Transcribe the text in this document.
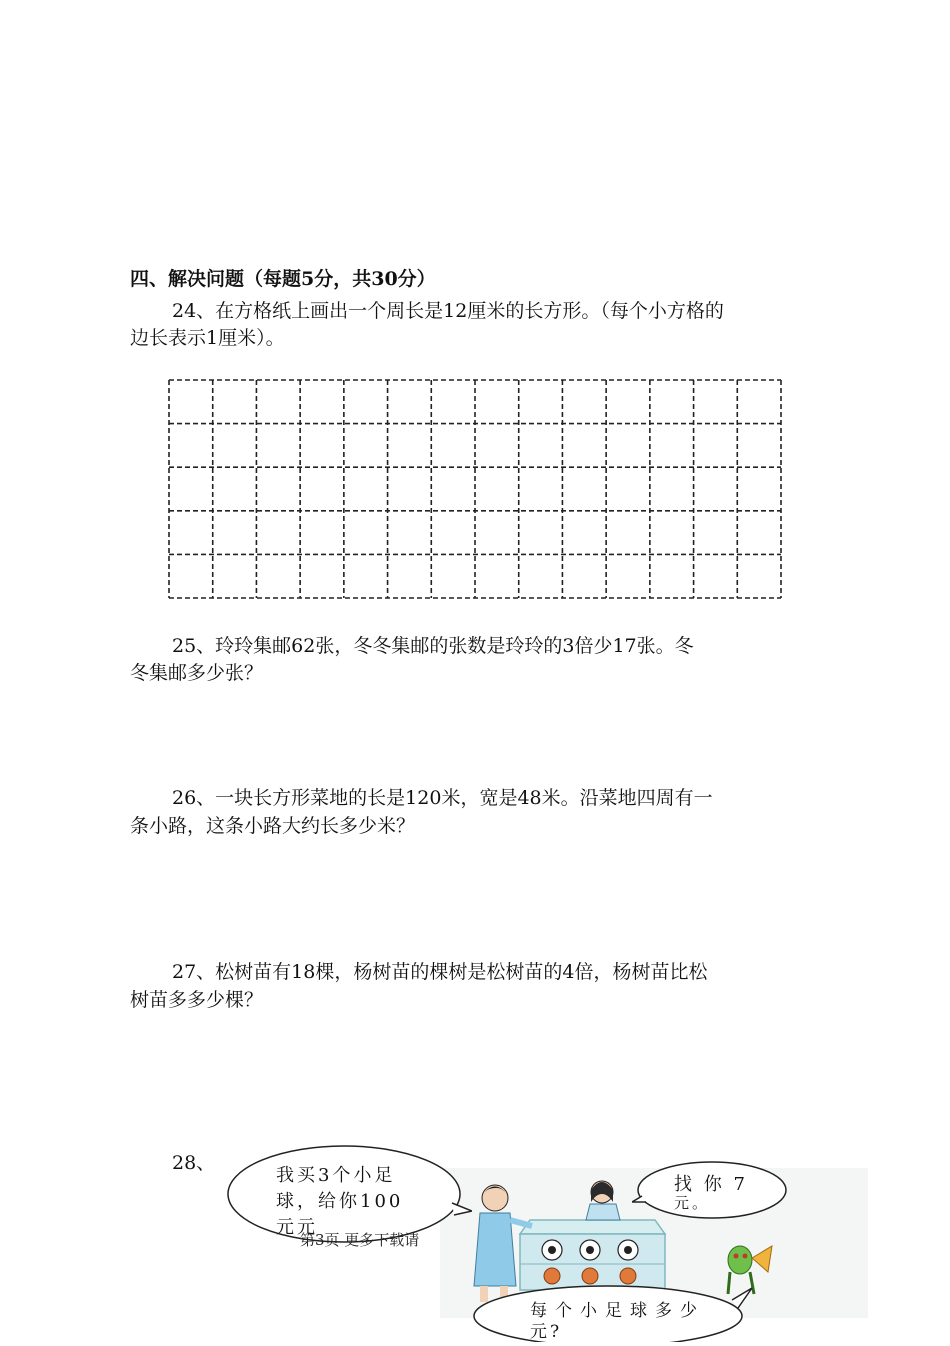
四、解决问题（每题5分，共30分）
24、在方格纸上画出一个周长是12厘米的长方形。（每个小方格的
边长表示1厘米）。
25、玲玲集邮62张，冬冬集邮的张数是玲玲的3倍少17张。冬
冬集邮多少张？
26、一块长方形菜地的长是120米，宽是48米。沿菜地四周有一
条小路，这条小路大约长多少米？
27、松树苗有18棵，杨树苗的棵树是松树苗的4倍，杨树苗比松
树苗多多少棵？
28、
我买3个小足
球，给你100
元元
第3页 更多下载请
找 你 7
元。
每个小足球多少
元?
